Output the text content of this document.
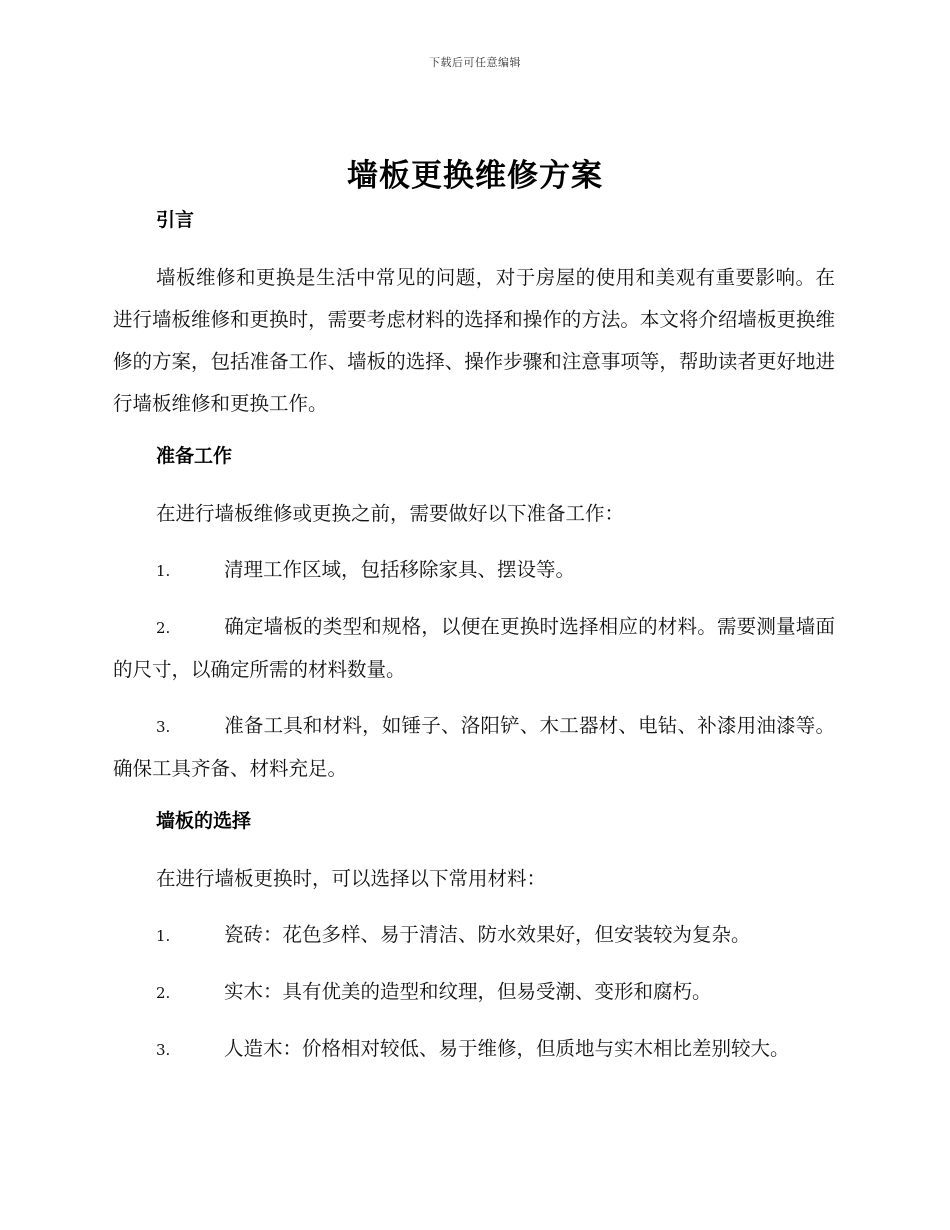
下载后可任意编辑
墙板更换维修方案
引言

墙板维修和更换是生活中常见的问题，对于房屋的使用和美观有重要影响。在进行墙板维修和更换时，需要考虑材料的选择和操作的方法。本文将介绍墙板更换维修的方案，包括准备工作、墙板的选择、操作步骤和注意事项等，帮助读者更好地进行墙板维修和更换工作。

准备工作

在进行墙板维修或更换之前，需要做好以下准备工作：

1.	清理工作区域，包括移除家具、摆设等。

2.	确定墙板的类型和规格，以便在更换时选择相应的材料。需要测量墙面的尺寸，以确定所需的材料数量。

3.	准备工具和材料，如锤子、洛阳铲、木工器材、电钻、补漆用油漆等。确保工具齐备、材料充足。

墙板的选择

在进行墙板更换时，可以选择以下常用材料：

1.	瓷砖：花色多样、易于清洁、防水效果好，但安装较为复杂。

2.	实木：具有优美的造型和纹理，但易受潮、变形和腐朽。

3.	人造木：价格相对较低、易于维修，但质地与实木相比差别较大。
